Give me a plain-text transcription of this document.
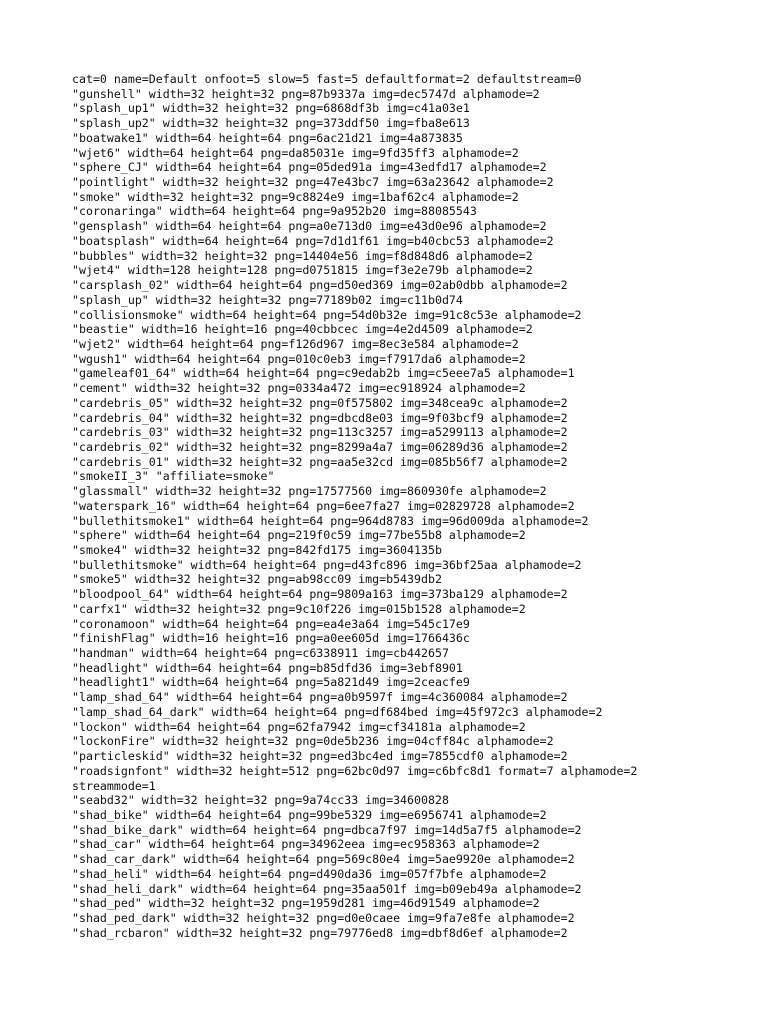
cat=0 name=Default onfoot=5 slow=5 fast=5 defaultformat=2 defaultstream=0
"gunshell" width=32 height=32 png=87b9337a img=dec5747d alphamode=2
"splash_up1" width=32 height=32 png=6868df3b img=c41a03e1
"splash_up2" width=32 height=32 png=373ddf50 img=fba8e613
"boatwake1" width=64 height=64 png=6ac21d21 img=4a873835
"wjet6" width=64 height=64 png=da85031e img=9fd35ff3 alphamode=2
"sphere_CJ" width=64 height=64 png=05ded91a img=43edfd17 alphamode=2
"pointlight" width=32 height=32 png=47e43bc7 img=63a23642 alphamode=2
"smoke" width=32 height=32 png=9c8824e9 img=1baf62c4 alphamode=2
"coronaringa" width=64 height=64 png=9a952b20 img=88085543
"gensplash" width=64 height=64 png=a0e713d0 img=e43d0e96 alphamode=2
"boatsplash" width=64 height=64 png=7d1d1f61 img=b40cbc53 alphamode=2
"bubbles" width=32 height=32 png=14404e56 img=f8d848d6 alphamode=2
"wjet4" width=128 height=128 png=d0751815 img=f3e2e79b alphamode=2
"carsplash_02" width=64 height=64 png=d50ed369 img=02ab0dbb alphamode=2
"splash_up" width=32 height=32 png=77189b02 img=c11b0d74
"collisionsmoke" width=64 height=64 png=54d0b32e img=91c8c53e alphamode=2
"beastie" width=16 height=16 png=40cbbcec img=4e2d4509 alphamode=2
"wjet2" width=64 height=64 png=f126d967 img=8ec3e584 alphamode=2
"wgush1" width=64 height=64 png=010c0eb3 img=f7917da6 alphamode=2
"gameleaf01_64" width=64 height=64 png=c9edab2b img=c5eee7a5 alphamode=1
"cement" width=32 height=32 png=0334a472 img=ec918924 alphamode=2
"cardebris_05" width=32 height=32 png=0f575802 img=348cea9c alphamode=2
"cardebris_04" width=32 height=32 png=dbcd8e03 img=9f03bcf9 alphamode=2
"cardebris_03" width=32 height=32 png=113c3257 img=a5299113 alphamode=2
"cardebris_02" width=32 height=32 png=8299a4a7 img=06289d36 alphamode=2
"cardebris_01" width=32 height=32 png=aa5e32cd img=085b56f7 alphamode=2
"smokeII_3" "affiliate=smoke"
"glassmall" width=32 height=32 png=17577560 img=860930fe alphamode=2
"waterspark_16" width=64 height=64 png=6ee7fa27 img=02829728 alphamode=2
"bullethitsmoke1" width=64 height=64 png=964d8783 img=96d009da alphamode=2
"sphere" width=64 height=64 png=219f0c59 img=77be55b8 alphamode=2
"smoke4" width=32 height=32 png=842fd175 img=3604135b
"bullethitsmoke" width=64 height=64 png=d43fc896 img=36bf25aa alphamode=2
"smoke5" width=32 height=32 png=ab98cc09 img=b5439db2
"bloodpool_64" width=64 height=64 png=9809a163 img=373ba129 alphamode=2
"carfx1" width=32 height=32 png=9c10f226 img=015b1528 alphamode=2
"coronamoon" width=64 height=64 png=ea4e3a64 img=545c17e9
"finishFlag" width=16 height=16 png=a0ee605d img=1766436c
"handman" width=64 height=64 png=c6338911 img=cb442657
"headlight" width=64 height=64 png=b85dfd36 img=3ebf8901
"headlight1" width=64 height=64 png=5a821d49 img=2ceacfe9
"lamp_shad_64" width=64 height=64 png=a0b9597f img=4c360084 alphamode=2
"lamp_shad_64_dark" width=64 height=64 png=df684bed img=45f972c3 alphamode=2
"lockon" width=64 height=64 png=62fa7942 img=cf34181a alphamode=2
"lockonFire" width=32 height=32 png=0de5b236 img=04cff84c alphamode=2
"particleskid" width=32 height=32 png=ed3bc4ed img=7855cdf0 alphamode=2
"roadsignfont" width=32 height=512 png=62bc0d97 img=c6bfc8d1 format=7 alphamode=2
streammode=1
"seabd32" width=32 height=32 png=9a74cc33 img=34600828
"shad_bike" width=64 height=64 png=99be5329 img=e6956741 alphamode=2
"shad_bike_dark" width=64 height=64 png=dbca7f97 img=14d5a7f5 alphamode=2
"shad_car" width=64 height=64 png=34962eea img=ec958363 alphamode=2
"shad_car_dark" width=64 height=64 png=569c80e4 img=5ae9920e alphamode=2
"shad_heli" width=64 height=64 png=d490da36 img=057f7bfe alphamode=2
"shad_heli_dark" width=64 height=64 png=35aa501f img=b09eb49a alphamode=2
"shad_ped" width=32 height=32 png=1959d281 img=46d91549 alphamode=2
"shad_ped_dark" width=32 height=32 png=d0e0caee img=9fa7e8fe alphamode=2
"shad_rcbaron" width=32 height=32 png=79776ed8 img=dbf8d6ef alphamode=2
